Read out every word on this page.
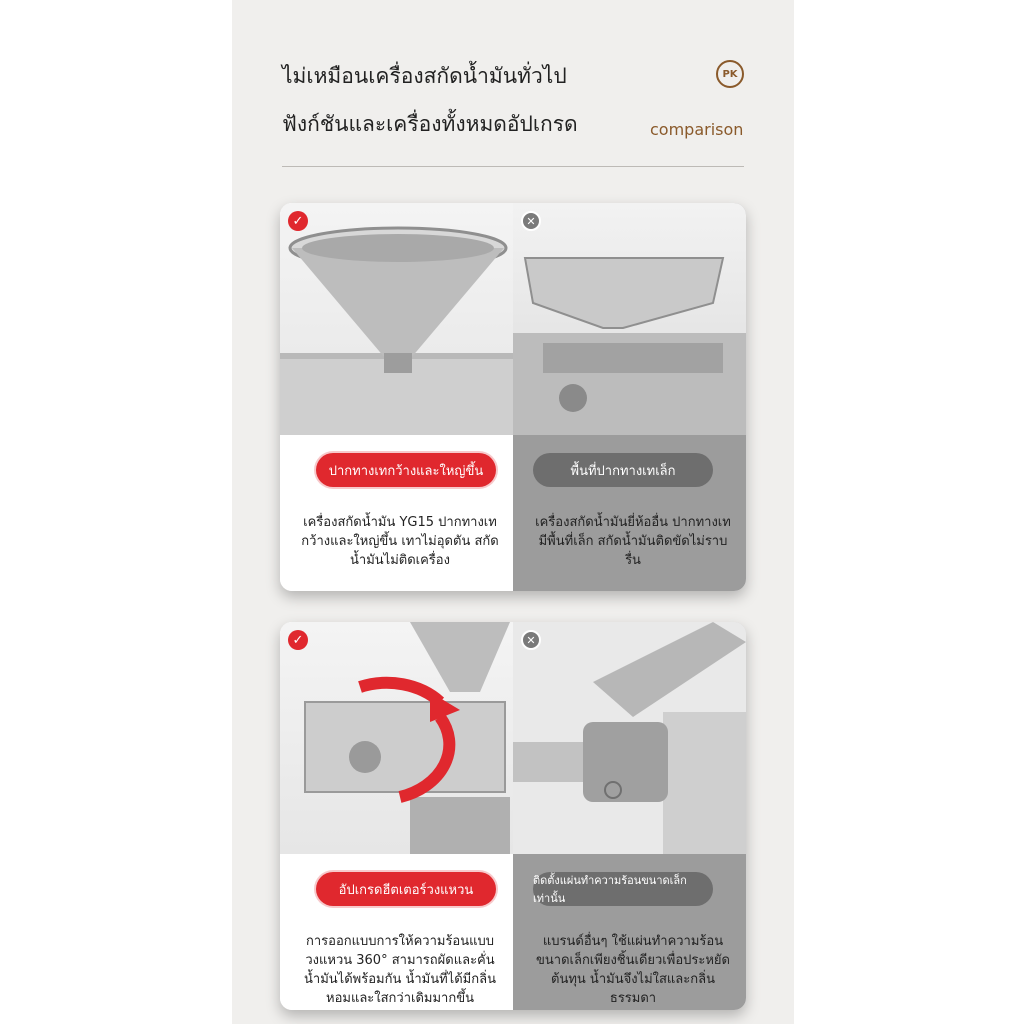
ไม่เหมือนเครื่องสกัดน้ำมันทั่วไป
ฟังก์ชันและเครื่องทั้งหมดอัปเกรด
PK
comparison
✓
ปากทางเทกว้างและใหญ่ขึ้น
เครื่องสกัดน้ำมัน YG15 ปากทางเทกว้างและใหญ่ขึ้น เทาไม่อุดตัน สกัดน้ำมันไม่ติดเครื่อง
✕
พื้นที่ปากทางเทเล็ก
เครื่องสกัดน้ำมันยี่ห้ออื่น ปากทางเทมีพื้นที่เล็ก สกัดน้ำมันติดขัดไม่ราบรื่น
✓
อัปเกรดฮีตเตอร์วงแหวน
การออกแบบการให้ความร้อนแบบวงแหวน 360° สามารถผัดและคั่นน้ำมันได้พร้อมกัน น้ำมันที่ได้มีกลิ่นหอมและใสกว่าเดิมมากขึ้น
✕
ติดตั้งแผ่นทำความร้อนขนาดเล็กเท่านั้น
แบรนด์อื่นๆ ใช้แผ่นทำความร้อนขนาดเล็กเพียงชิ้นเดียวเพื่อประหยัดต้นทุน น้ำมันจึงไม่ใสและกลิ่นธรรมดา
